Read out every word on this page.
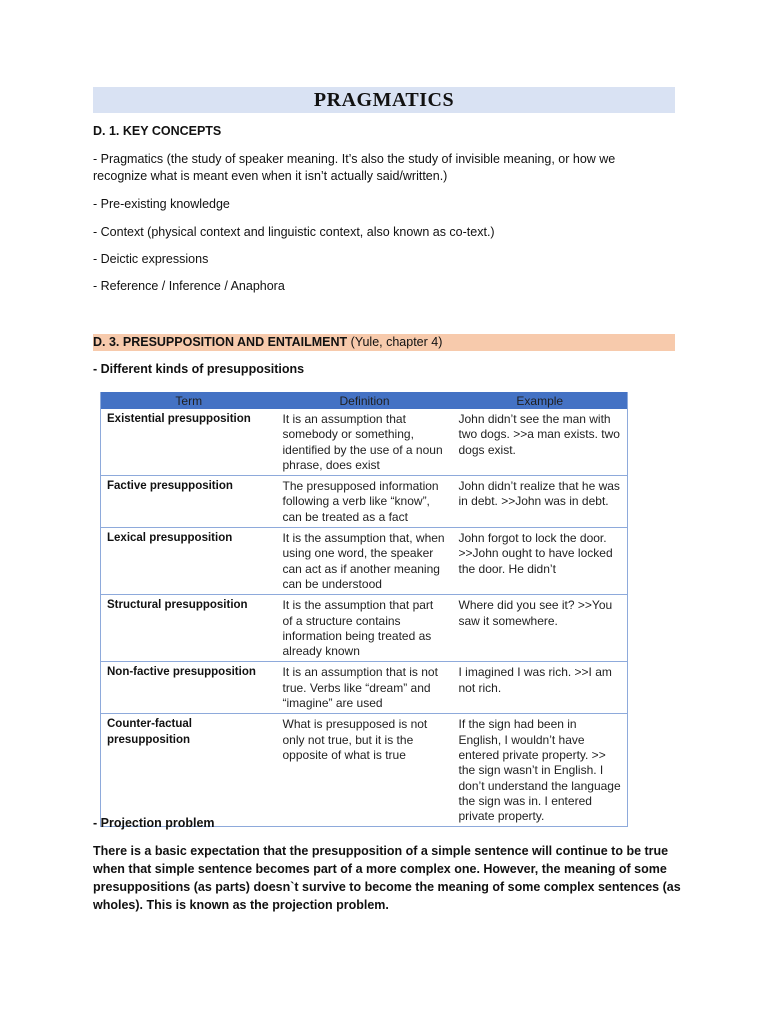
PRAGMATICS
D. 1. KEY CONCEPTS
- Pragmatics (the study of speaker meaning. It’s also the study of invisible meaning, or how we
recognize what is meant even when it isn’t actually said/written.)
- Pre-existing knowledge
- Context (physical context and linguistic context, also known as co-text.)
- Deictic expressions
- Reference / Inference / Anaphora
D. 3. PRESUPPOSITION AND ENTAILMENT (Yule, chapter 4)
- Different kinds of presuppositions
Term	Definition	Example
Existential presupposition	It is an assumption that somebody or something, identified by the use of a noun phrase, does exist	John didn’t see the man with two dogs. >>a man exists. two dogs exist.
Factive presupposition	The presupposed information following a verb like “know”, can be treated as a fact	John didn’t realize that he was in debt. >>John was in debt.
Lexical presupposition	It is the assumption that, when using one word, the speaker can act as if another meaning can be understood	John forgot to lock the door. >>John ought to have locked the door. He didn’t
Structural presupposition	It is the assumption that part of a structure contains information being treated as already known	Where did you see it? >>You saw it somewhere.
Non-factive presupposition	It is an assumption that is not true. Verbs like “dream” and “imagine” are used	I imagined I was rich. >>I am not rich.
Counter-factual presupposition	What is presupposed is not only not true, but it is the opposite of what is true	If the sign had been in English, I wouldn’t have entered private property. >> the sign wasn’t in English. I don’t understand the language the sign was in. I entered private property.
- Projection problem
There is a basic expectation that the presupposition of a simple sentence will continue to be true
when that simple sentence becomes part of a more complex one. However, the meaning of some
presuppositions (as parts) doesn`t survive to become the meaning of some complex sentences (as
wholes). This is known as the projection problem.
